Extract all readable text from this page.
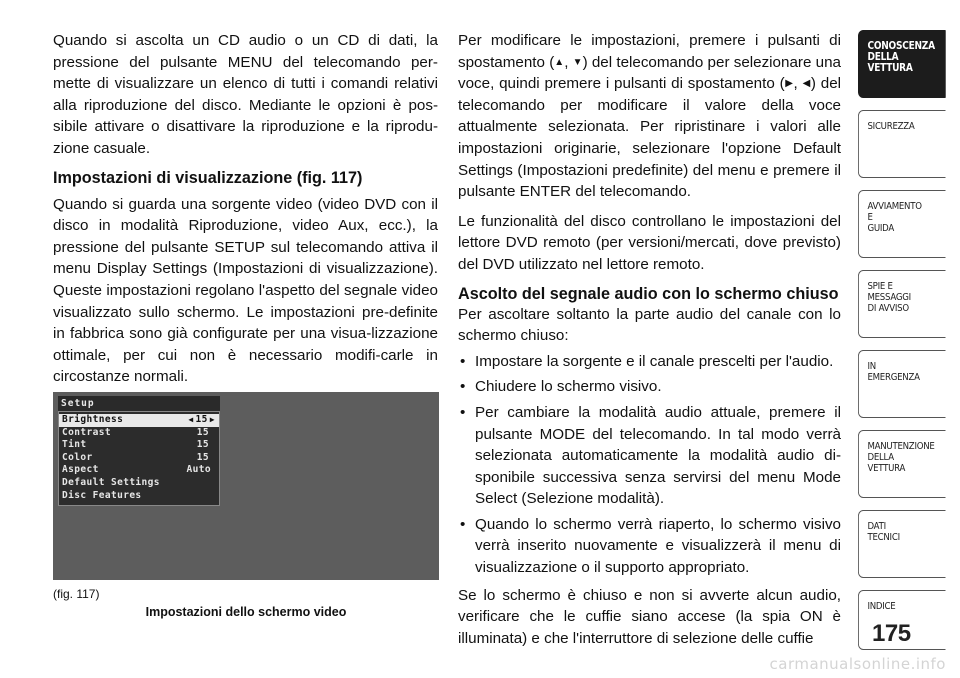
Quando si ascolta un CD audio o un CD di dati, la pressione del pulsante MENU del telecomando per-mette di visualizzare un elenco di tutti i comandi relativi alla riproduzione del disco. Mediante le opzioni è pos-sibile attivare o disattivare la riproduzione e la riprodu-zione casuale.

Impostazioni di visualizzazione (fig. 117)

Quando si guarda una sorgente video (video DVD con il disco in modalità Riproduzione, video Aux, ecc.), la pressione del pulsante SETUP sul telecomando attiva il menu Display Settings (Impostazioni di visualizzazione). Queste impostazioni regolano l'aspetto del segnale video visualizzato sullo schermo. Le impostazioni pre-definite in fabbrica sono già configurate per una visua-lizzazione ottimale, per cui non è necessario modifi-carle in circostanze normali.

Setup
Brightness	◀ 15 ▶
Contrast	15
Tint	15
Color	15
Aspect	Auto
Default Settings
Disc Features
(fig. 117)
Impostazioni dello schermo video

Per modificare le impostazioni, premere i pulsanti di spostamento (▲, ▼) del telecomando per selezionare una voce, quindi premere i pulsanti di spostamento (▶, ◀) del telecomando per modificare il valore della voce attualmente selezionata. Per ripristinare i valori alle impostazioni originarie, selezionare l'opzione Default Settings (Impostazioni predefinite) del menu e premere il pulsante ENTER del telecomando.

Le funzionalità del disco controllano le impostazioni del lettore DVD remoto (per versioni/mercati, dove previsto) del DVD utilizzato nel lettore remoto.

Ascolto del segnale audio con lo schermo chiuso

Per ascoltare soltanto la parte audio del canale con lo schermo chiuso:

• Impostare la sorgente e il canale prescelti per l'audio.
• Chiudere lo schermo visivo.
• Per cambiare la modalità audio attuale, premere il pulsante MODE del telecomando. In tal modo verrà selezionata automaticamente la modalità audio di-sponibile successiva senza servirsi del menu Mode Select (Selezione modalità).
• Quando lo schermo verrà riaperto, lo schermo visivo verrà inserito nuovamente e visualizzerà il menu di visualizzazione o il supporto appropriato.

Se lo schermo è chiuso e non si avverte alcun audio, verificare che le cuffie siano accese (la spia ON è illuminata) e che l'interruttore di selezione delle cuffie

CONOSCENZA
DELLA
VETTURA
SICUREZZA
AVVIAMENTO
E
GUIDA
SPIE E
MESSAGGI
DI AVVISO
IN
EMERGENZA
MANUTENZIONE
DELLA
VETTURA
DATI
TECNICI
INDICE
175
carmanualsonline.info
